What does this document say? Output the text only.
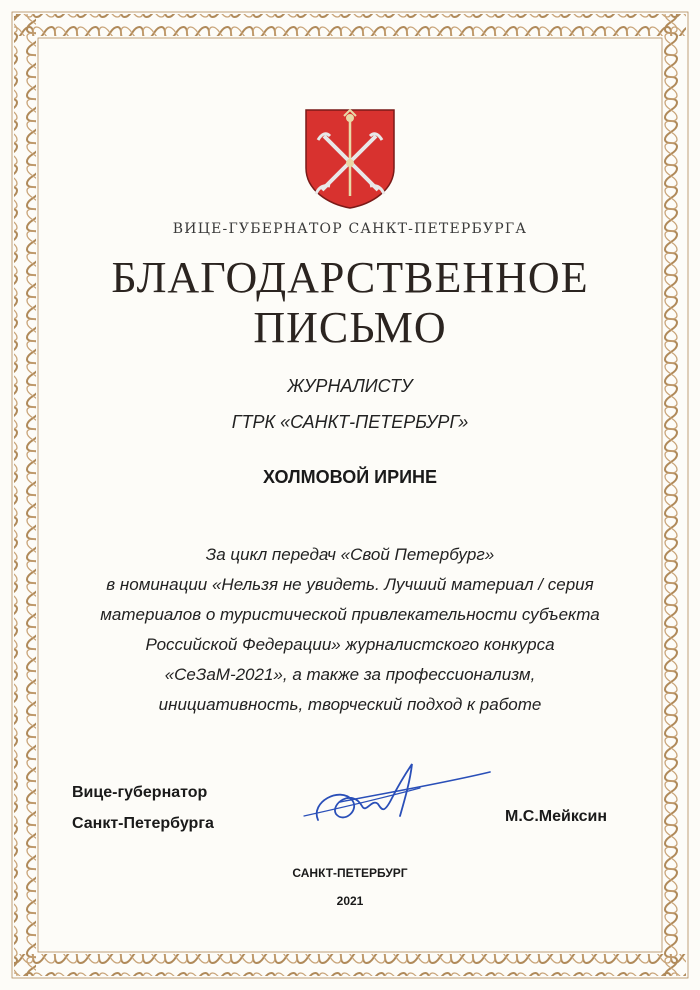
ВИЦЕ-ГУБЕРНАТОР САНКТ-ПЕТЕРБУРГА
БЛАГОДАРСТВЕННОЕ
ПИСЬМО
ЖУРНАЛИСТУ
ГТРК «САНКТ-ПЕТЕРБУРГ»
ХОЛМОВОЙ ИРИНЕ
За цикл передач «Свой Петербург»
в номинации «Нельзя не увидеть. Лучший материал / серия
материалов о туристической привлекательности субъекта
Российской Федерации» журналистского конкурса
«СеЗаМ-2021», а также за профессионализм,
инициативность, творческий подход к работе
Вице-губернатор
Санкт-Петербурга	М.С.Мейксин
САНКТ-ПЕТЕРБУРГ
2021
